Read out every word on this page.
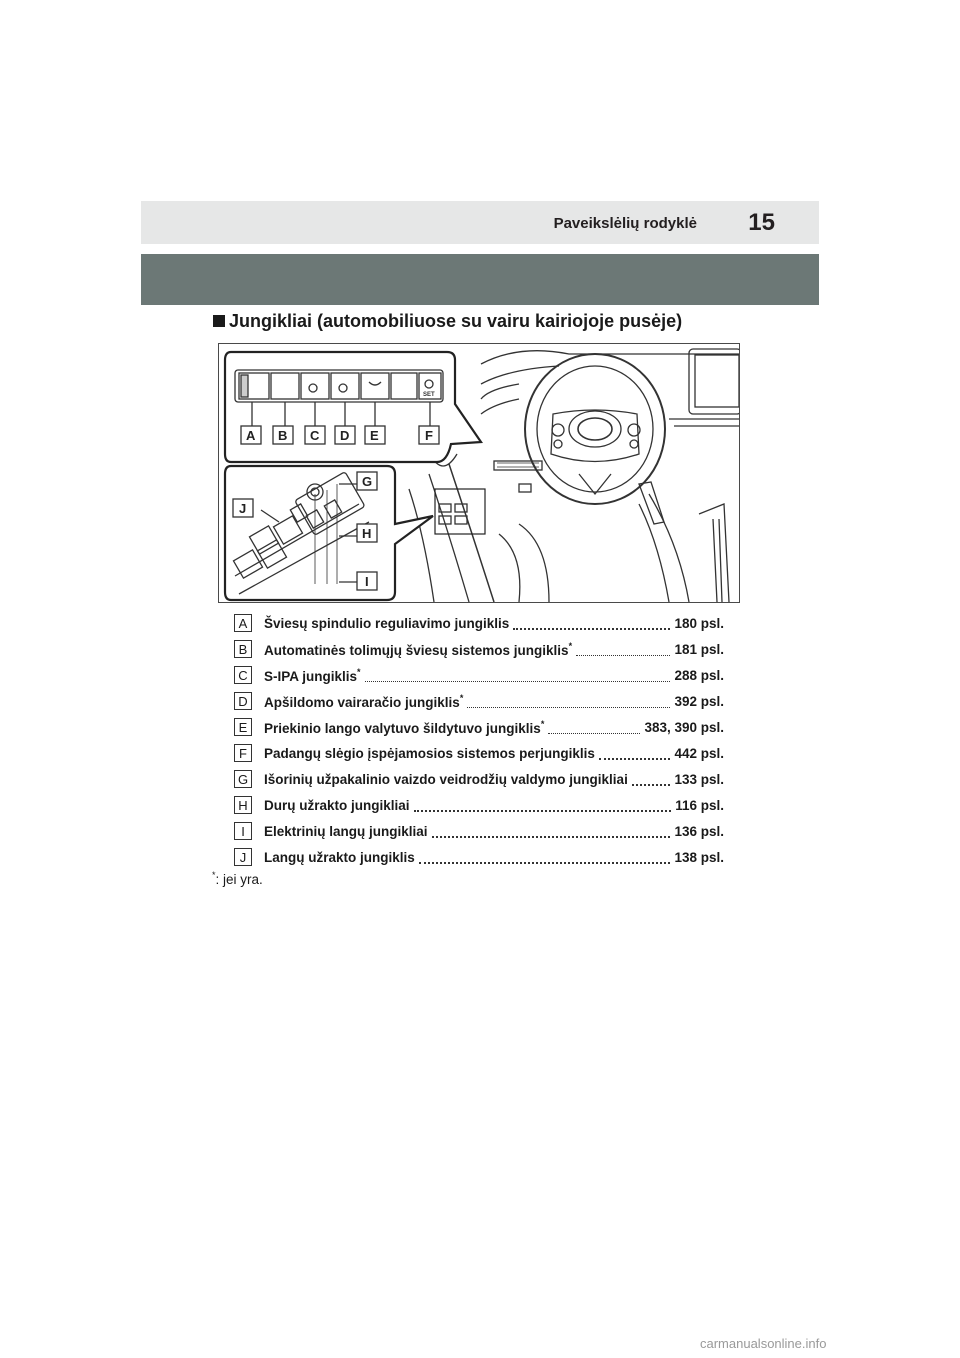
Paveikslėlių rodyklė 15
Jungikliai (automobiliuose su vairu kairiojoje pusėje)
A B C D E	F
G
H
I
J
SET
A	Šviesų spindulio reguliavimo jungiklis	180 psl.
B	Automatinės tolimųjų šviesų sistemos jungiklis*	181 psl.
C	S-IPA jungiklis*	288 psl.
D	Apšildomo vairaračio jungiklis*	392 psl.
E	Priekinio lango valytuvo šildytuvo jungiklis*	383, 390 psl.
F	Padangų slėgio įspėjamosios sistemos perjungiklis	442 psl.
G Išorinių užpakalinio vaizdo veidrodžių valdymo jungikliai	133 psl.
H	Durų užrakto jungikliai	116 psl.
I	Elektrinių langų jungikliai	136 psl.
J	Langų užrakto jungiklis	138 psl.
*: jei yra.
carmanualsonline.info
